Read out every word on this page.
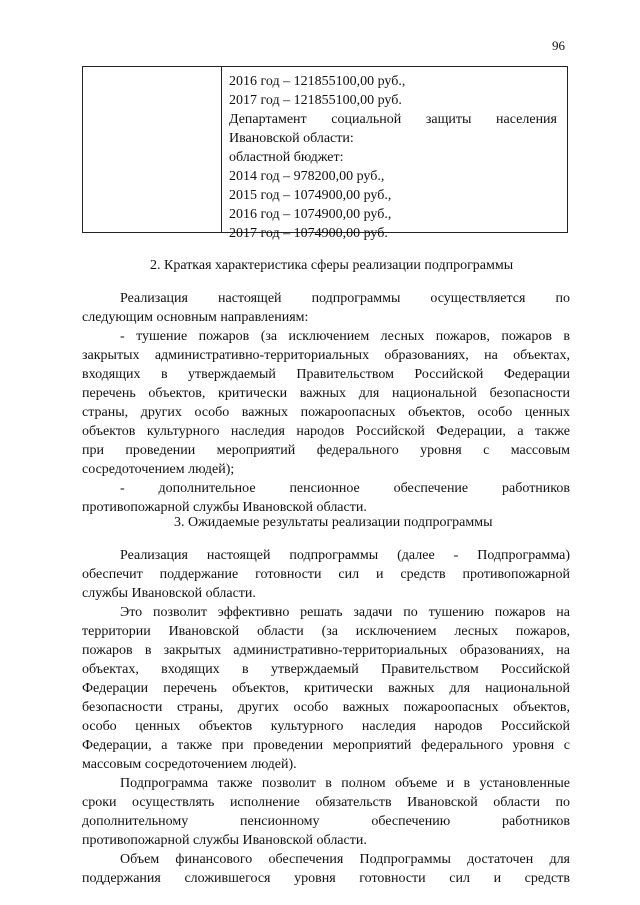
96
2016 год – 121855100,00 руб.,
2017 год – 121855100,00 руб.
Департамент социальной защиты населения
Ивановской области:
областной бюджет:
2014 год – 978200,00 руб.,
2015 год – 1074900,00 руб.,
2016 год – 1074900,00 руб.,
2017 год – 1074900,00 руб.
2. Краткая характеристика сферы реализации подпрограммы
Реализация настоящей подпрограммы осуществляется по
следующим основным направлениям:
- тушение пожаров (за исключением лесных пожаров, пожаров в
закрытых административно-территориальных образованиях, на объектах,
входящих в утверждаемый Правительством Российской Федерации
перечень объектов, критически важных для национальной безопасности
страны, других особо важных пожароопасных объектов, особо ценных
объектов культурного наследия народов Российской Федерации, а также
при проведении мероприятий федерального уровня с массовым
сосредоточением людей);
- дополнительное пенсионное обеспечение работников
противопожарной службы Ивановской области.
3. Ожидаемые результаты реализации подпрограммы
Реализация настоящей подпрограммы (далее - Подпрограмма)
обеспечит поддержание готовности сил и средств противопожарной
службы Ивановской области.
Это позволит эффективно решать задачи по тушению пожаров на
территории Ивановской области (за исключением лесных пожаров,
пожаров в закрытых административно-территориальных образованиях, на
объектах, входящих в утверждаемый Правительством Российской
Федерации перечень объектов, критически важных для национальной
безопасности страны, других особо важных пожароопасных объектов,
особо ценных объектов культурного наследия народов Российской
Федерации, а также при проведении мероприятий федерального уровня с
массовым сосредоточением людей).
Подпрограмма также позволит в полном объеме и в установленные
сроки осуществлять исполнение обязательств Ивановской области по
дополнительному пенсионному обеспечению работников
противопожарной службы Ивановской области.
Объем финансового обеспечения Подпрограммы достаточен для
поддержания сложившегося уровня готовности сил и средств
